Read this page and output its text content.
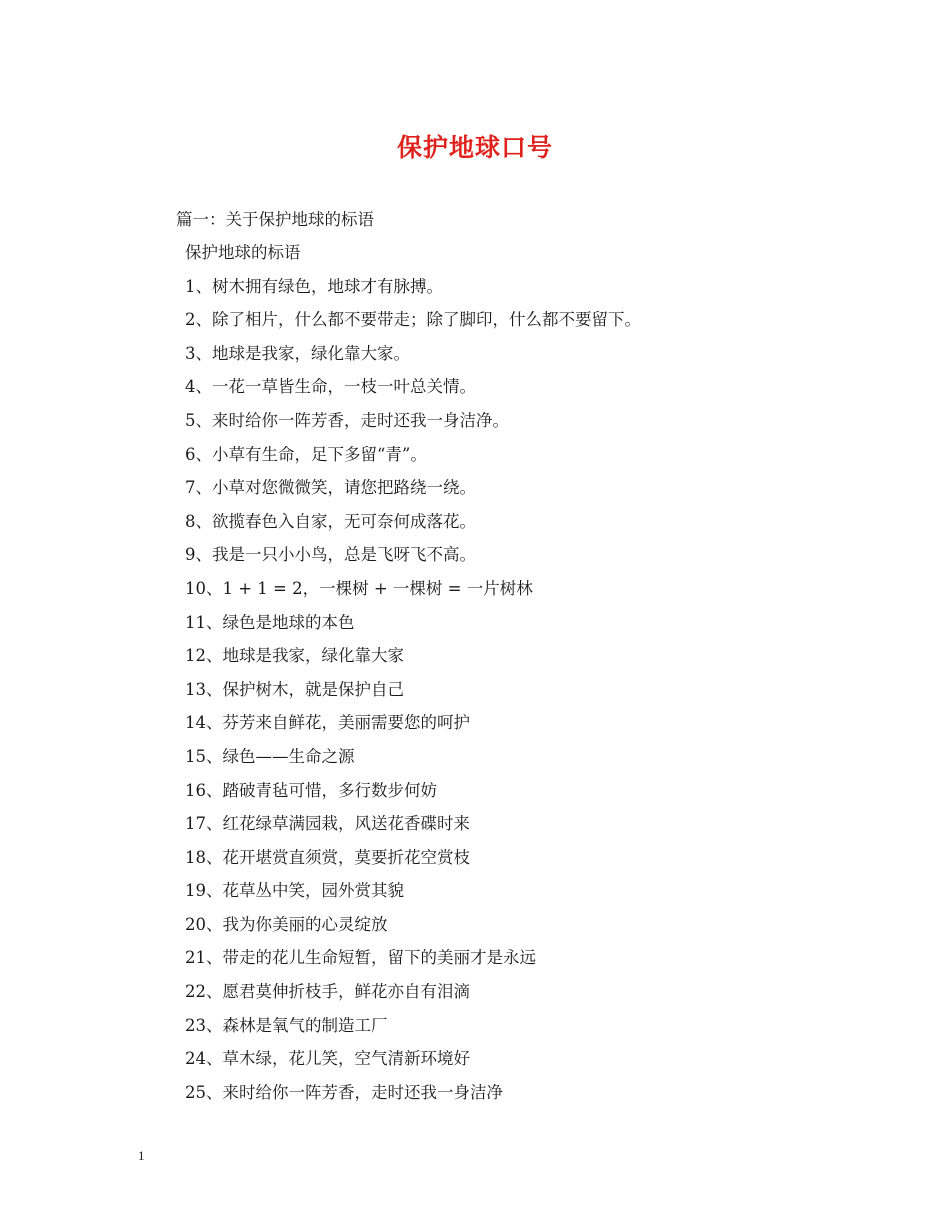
保护地球口号
篇一：关于保护地球的标语
保护地球的标语
1、树木拥有绿色，地球才有脉搏。
2、除了相片，什么都不要带走；除了脚印，什么都不要留下。
3、地球是我家，绿化靠大家。
4、一花一草皆生命，一枝一叶总关情。
5、来时给你一阵芳香，走时还我一身洁净。
6、小草有生命，足下多留“青”。
7、小草对您微微笑，请您把路绕一绕。
8、欲揽春色入自家，无可奈何成落花。
9、我是一只小小鸟，总是飞呀飞不高。
10、1 + 1 = 2，一棵树 + 一棵树 = 一片树林
11、绿色是地球的本色
12、地球是我家，绿化靠大家
13、保护树木，就是保护自己
14、芬芳来自鲜花，美丽需要您的呵护
15、绿色——生命之源
16、踏破青毡可惜，多行数步何妨
17、红花绿草满园栽，风送花香碟时来
18、花开堪赏直须赏，莫要折花空赏枝
19、花草丛中笑，园外赏其貌
20、我为你美丽的心灵绽放
21、带走的花儿生命短暂，留下的美丽才是永远
22、愿君莫伸折枝手，鲜花亦自有泪滴
23、森林是氧气的制造工厂
24、草木绿，花儿笑，空气清新环境好
25、来时给你一阵芳香，走时还我一身洁净
1
